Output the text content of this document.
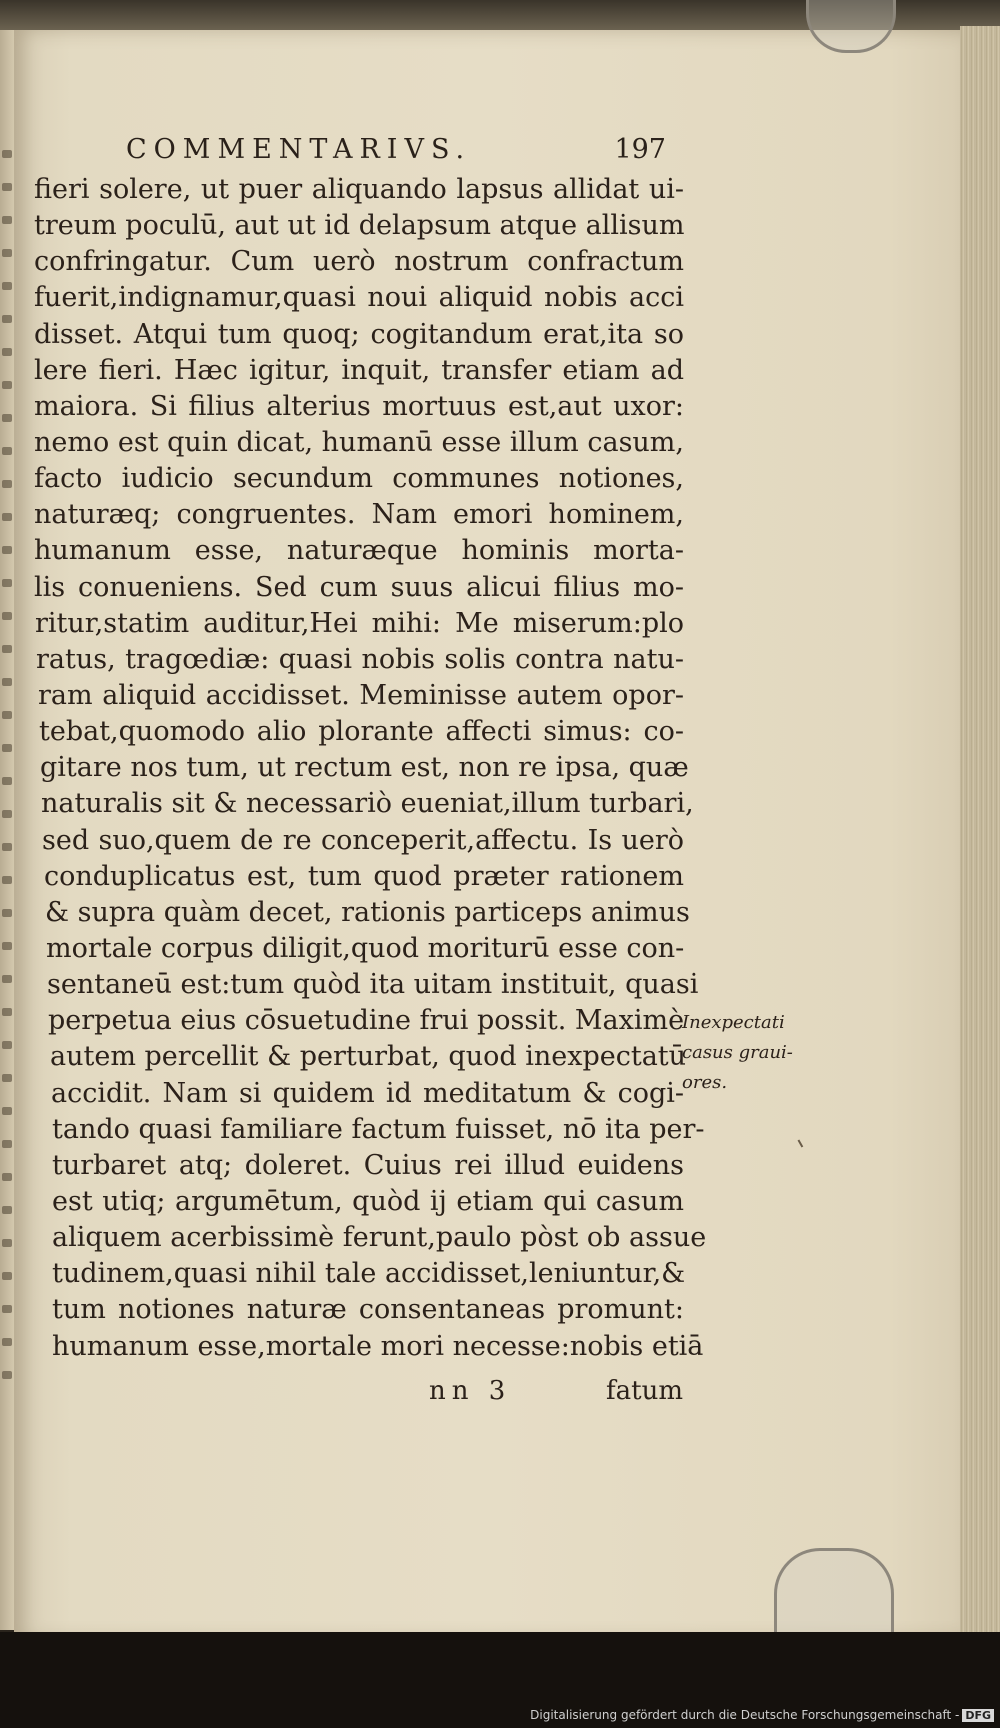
COMMENTARIVS.	197
fieri solere, ut puer aliquando lapsus allidat ui-
treum poculū, aut ut id delapsum atque allisum
confringatur. Cum uerò nostrum confractum
fuerit,indignamur,quasi noui aliquid nobis acci
disset. Atqui tum quoq; cogitandum erat,ita so
lere fieri. Hæc igitur, inquit, transfer etiam ad
maiora. Si filius alterius mortuus est,aut uxor:
nemo est quin dicat, humanū esse illum casum,
facto iudicio secundum communes notiones,
naturæq; congruentes. Nam emori hominem,
humanum esse, naturæque hominis morta-
lis conueniens. Sed cum suus alicui filius mo-
ritur,statim auditur,Hei mihi: Me miserum:plo
ratus, tragœdiæ: quasi nobis solis contra natu-
ram aliquid accidisset. Meminisse autem opor-
tebat,quomodo alio plorante affecti simus: co-
gitare nos tum, ut rectum est, non re ipsa, quæ
naturalis sit & necessariò eueniat,illum turbari,
sed suo,quem de re conceperit,affectu. Is uerò
conduplicatus est, tum quod præter rationem
& supra quàm decet, rationis particeps animus
mortale corpus diligit,quod moriturū esse con-
sentaneū est:tum quòd ita uitam instituit, quasi
perpetua eius cōsuetudine frui possit. Maximè
autem percellit & perturbat, quod inexpectatū
accidit. Nam si quidem id meditatum & cogi-
tando quasi familiare factum fuisset, nō ita per-
turbaret atq; doleret. Cuius rei illud euidens
est utiq; argumētum, quòd ij etiam qui casum
aliquem acerbissimè ferunt,paulo pòst ob assue
tudinem,quasi nihil tale accidisset,leniuntur,&
tum notiones naturæ consentaneas promunt:
humanum esse,mortale mori necesse:nobis etiā
Inexpectati
casus graui-
ores.
nn 3	fatum
Digitalisierung gefördert durch die Deutsche Forschungsgemeinschaft - DFG
